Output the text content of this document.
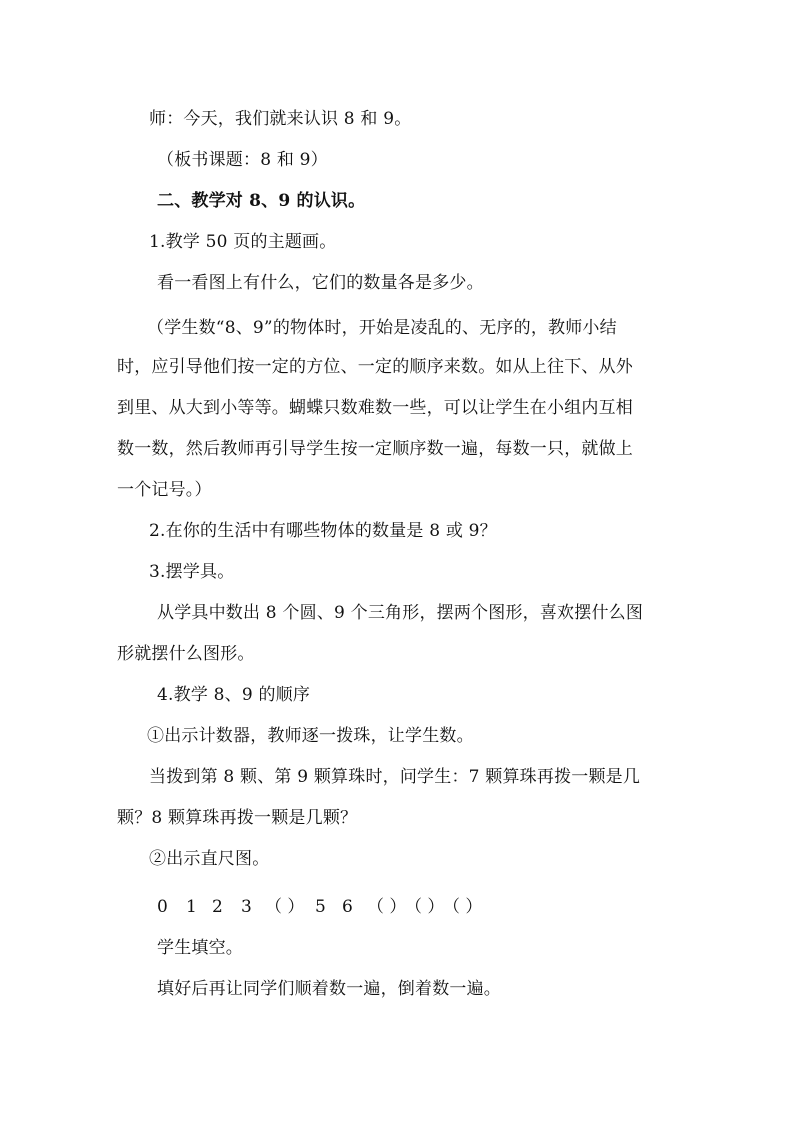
师：今天，我们就来认识 8 和 9。
（板书课题：8 和 9）
二、教学对 8、9 的认识。
1.教学 50 页的主题画。
看一看图上有什么，它们的数量各是多少。
（学生数“8、9”的物体时，开始是凌乱的、无序的，教师小结
时，应引导他们按一定的方位、一定的顺序来数。如从上往下、从外
到里、从大到小等等。蝴蝶只数难数一些，可以让学生在小组内互相
数一数，然后教师再引导学生按一定顺序数一遍，每数一只，就做上
一个记号。）
2.在你的生活中有哪些物体的数量是 8 或 9？
3.摆学具。
从学具中数出 8 个圆、9 个三角形，摆两个图形，喜欢摆什么图
形就摆什么图形。
4.教学 8、9 的顺序
①出示计数器，教师逐一拨珠，让学生数。
当拨到第 8 颗、第 9 颗算珠时，问学生：7 颗算珠再拨一颗是几
颗？8 颗算珠再拨一颗是几颗？
②出示直尺图。
0 1 2 3 （ ） 5 6 （ ）
（ ）
（ ）
学生填空。
填好后再让同学们顺着数一遍，倒着数一遍。
